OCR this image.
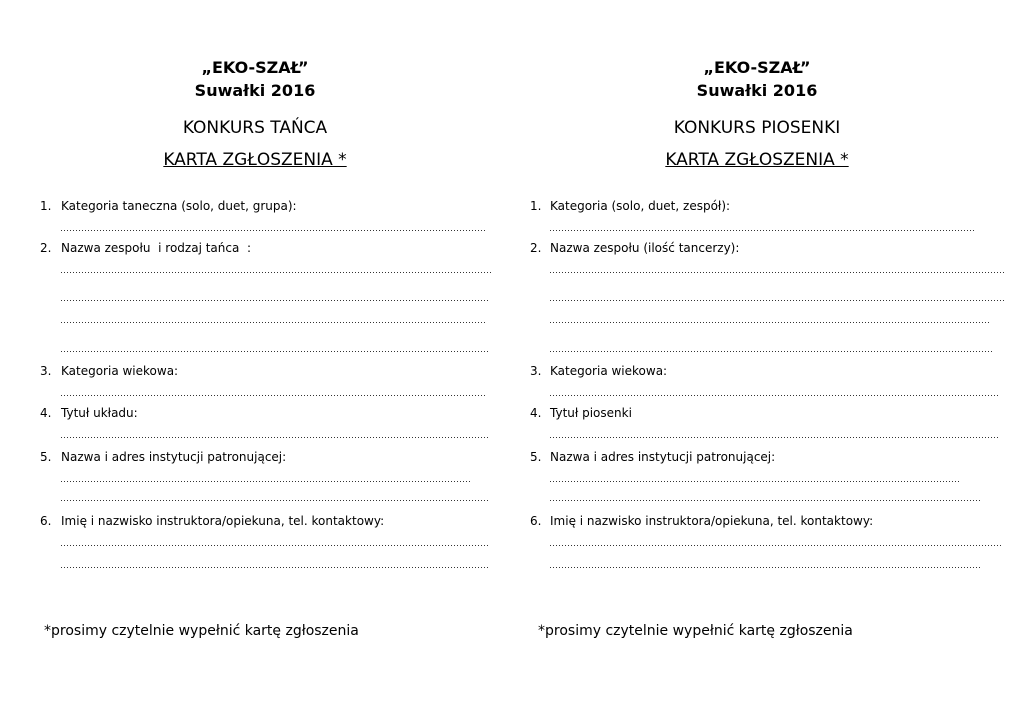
„EKO-SZAŁ”
Suwałki 2016
KONKURS TAŃCA
KARTA ZGŁOSZENIA *
1. Kategoria taneczna (solo, duet, grupa):
2. Nazwa zespołu  i rodzaj tańca  :
3. Kategoria wiekowa:
4. Tytuł układu:
5. Nazwa i adres instytucji patronującej:
6. Imię i nazwisko instruktora/opiekuna, tel. kontaktowy:
*prosimy czytelnie wypełnić kartę zgłoszenia
„EKO-SZAŁ”
Suwałki 2016
KONKURS PIOSENKI
KARTA ZGŁOSZENIA *
1. Kategoria (solo, duet, zespół):
2. Nazwa zespołu (ilość tancerzy):
3. Kategoria wiekowa:
4. Tytuł piosenki
5. Nazwa i adres instytucji patronującej:
6. Imię i nazwisko instruktora/opiekuna, tel. kontaktowy:
*prosimy czytelnie wypełnić kartę zgłoszenia
